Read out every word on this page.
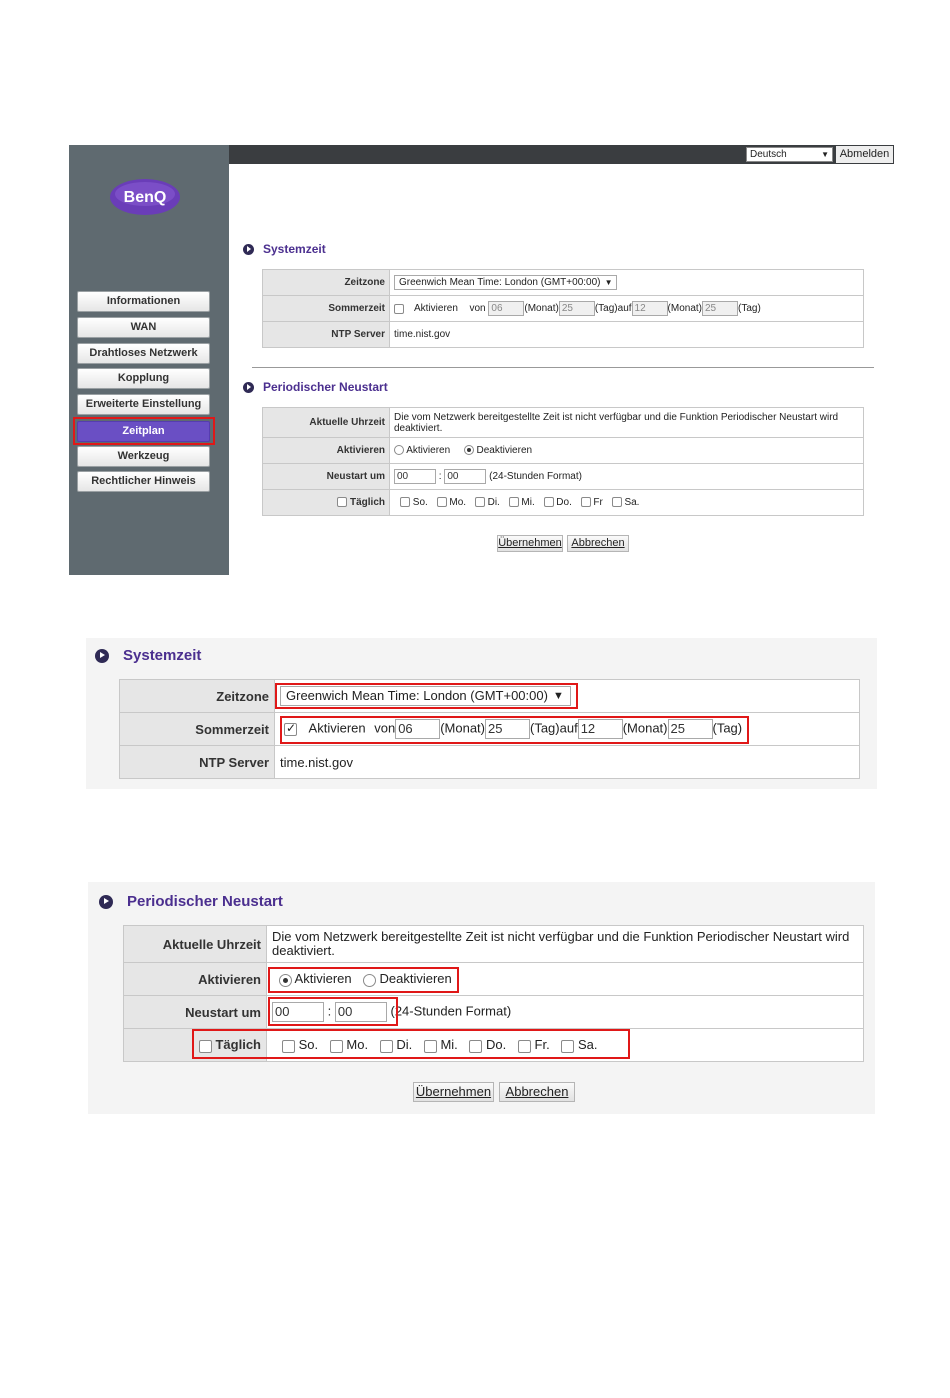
BenQ
Informationen
WAN
Drahtloses Netzwerk
Kopplung
Erweiterte Einstellung
Zeitplan
Werkzeug
Rechtlicher Hinweis
Deutsch	▼ Abmelden
Systemzeit
Zeitzone	Greenwich Mean Time: London (GMT+00:00) ▼

Sommerzeit	Aktivieren von 06 (Monat) 25 (Tag)auf 12 (Monat) 25 (Tag)
NTP Server	time.nist.gov
Periodischer Neustart
Aktuelle Uhrzeit	Die vom Netzwerk bereitgestellte Zeit ist nicht verfügbar und die Funktion Periodischer Neustart wird deaktiviert.
Aktivieren	Aktivieren Deaktivieren
Neustart um	00 : 00 (24-Stunden Format)
Täglich	So. Mo. Di. Mi. Do. Fr Sa.
Übernehmen Abbrechen
Systemzeit
Zeitzone	Greenwich Mean Time: London (GMT+00:00) ▼

Sommerzeit	✓Aktivieren von 06 (Monat) 25 (Tag)auf 12 (Monat) 25 (Tag)
NTP Server	time.nist.gov
Periodischer Neustart
Aktuelle Uhrzeit	Die vom Netzwerk bereitgestellte Zeit ist nicht verfügbar und die Funktion Periodischer Neustart wird deaktiviert.
Aktivieren	Aktivieren Deaktivieren
Neustart um	00 : 00 (24-Stunden Format)
Täglich	So. Mo. Di. Mi. Do. Fr. Sa.
Übernehmen	Abbrechen
